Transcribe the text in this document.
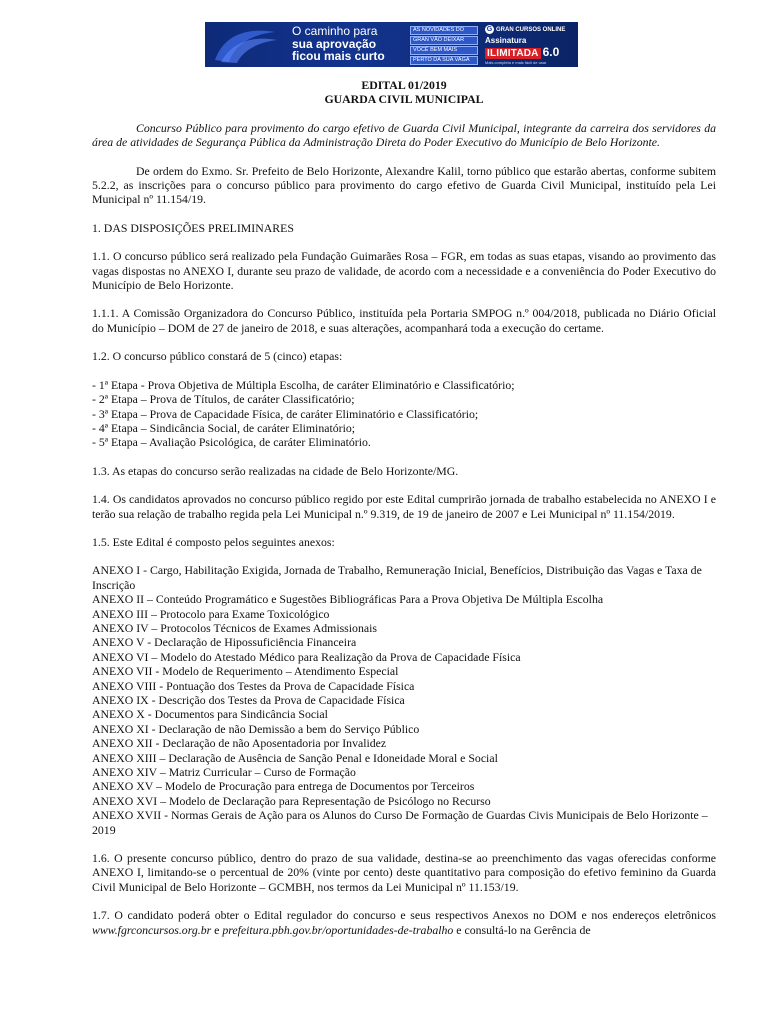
O caminho para
sua aprovação
ficou mais curto
AS NOVIDADES DO
GRAN VÃO DEIXAR
VOCÊ BEM MAIS
PERTO DA SUA VAGA
G GRAN CURSOS ONLINE
Assinatura
ILIMITADA 6.0
Mais completa e mais fácil de usar
EDITAL 01/2019
GUARDA CIVIL MUNICIPAL

Concurso Público para provimento do cargo efetivo de Guarda Civil Municipal, integrante da carreira dos servidores da área de atividades de Segurança Pública da Administração Direta do Poder Executivo do Município de Belo Horizonte.

De ordem do Exmo. Sr. Prefeito de Belo Horizonte, Alexandre Kalil, torno público que estarão abertas, conforme subitem 5.2.2, as inscrições para o concurso público para provimento do cargo efetivo de Guarda Civil Municipal, instituído pela Lei Municipal nº 11.154/19.

1. DAS DISPOSIÇÕES PRELIMINARES

1.1. O concurso público será realizado pela Fundação Guimarães Rosa – FGR, em todas as suas etapas, visando ao provimento das vagas dispostas no ANEXO I, durante seu prazo de validade, de acordo com a necessidade e a conveniência do Poder Executivo do Município de Belo Horizonte.

1.1.1. A Comissão Organizadora do Concurso Público, instituída pela Portaria SMPOG n.º 004/2018, publicada no Diário Oficial do Município – DOM de 27 de janeiro de 2018, e suas alterações, acompanhará toda a execução do certame.

1.2. O concurso público constará de 5 (cinco) etapas:

- 1ª Etapa - Prova Objetiva de Múltipla Escolha, de caráter Eliminatório e Classificatório;
- 2ª Etapa – Prova de Títulos, de caráter Classificatório;
- 3ª Etapa – Prova de Capacidade Física, de caráter Eliminatório e Classificatório;
- 4ª Etapa – Sindicância Social, de caráter Eliminatório;
- 5ª Etapa – Avaliação Psicológica, de caráter Eliminatório.

1.3. As etapas do concurso serão realizadas na cidade de Belo Horizonte/MG.

1.4. Os candidatos aprovados no concurso público regido por este Edital cumprirão jornada de trabalho estabelecida no ANEXO I e terão sua relação de trabalho regida pela Lei Municipal n.º 9.319, de 19 de janeiro de 2007 e Lei Municipal nº 11.154/2019.

1.5. Este Edital é composto pelos seguintes anexos:

ANEXO I - Cargo, Habilitação Exigida, Jornada de Trabalho, Remuneração Inicial, Benefícios, Distribuição das Vagas e Taxa de Inscrição
ANEXO II – Conteúdo Programático e Sugestões Bibliográficas Para a Prova Objetiva De Múltipla Escolha
ANEXO III – Protocolo para Exame Toxicológico
ANEXO IV – Protocolos Técnicos de Exames Admissionais
ANEXO V - Declaração de Hipossuficiência Financeira
ANEXO VI – Modelo do Atestado Médico para Realização da Prova de Capacidade Física
ANEXO VII - Modelo de Requerimento – Atendimento Especial
ANEXO VIII - Pontuação dos Testes da Prova de Capacidade Física
ANEXO IX - Descrição dos Testes da Prova de Capacidade Física
ANEXO X - Documentos para Sindicância Social
ANEXO XI - Declaração de não Demissão a bem do Serviço Público
ANEXO XII - Declaração de não Aposentadoria por Invalidez
ANEXO XIII – Declaração de Ausência de Sanção Penal e Idoneidade Moral e Social
ANEXO XIV – Matriz Curricular – Curso de Formação
ANEXO XV – Modelo de Procuração para entrega de Documentos por Terceiros
ANEXO XVI – Modelo de Declaração para Representação de Psicólogo no Recurso
ANEXO XVII - Normas Gerais de Ação para os Alunos do Curso De Formação de Guardas Civis Municipais de Belo Horizonte – 2019

1.6. O presente concurso público, dentro do prazo de sua validade, destina-se ao preenchimento das vagas oferecidas conforme ANEXO I, limitando-se o percentual de 20% (vinte por cento) deste quantitativo para composição do efetivo feminino da Guarda Civil Municipal de Belo Horizonte – GCMBH, nos termos da Lei Municipal nº 11.153/19.

1.7. O candidato poderá obter o Edital regulador do concurso e seus respectivos Anexos no DOM e nos endereços eletrônicos www.fgrconcursos.org.br e prefeitura.pbh.gov.br/oportunidades-de-trabalho e consultá-lo na Gerência de
